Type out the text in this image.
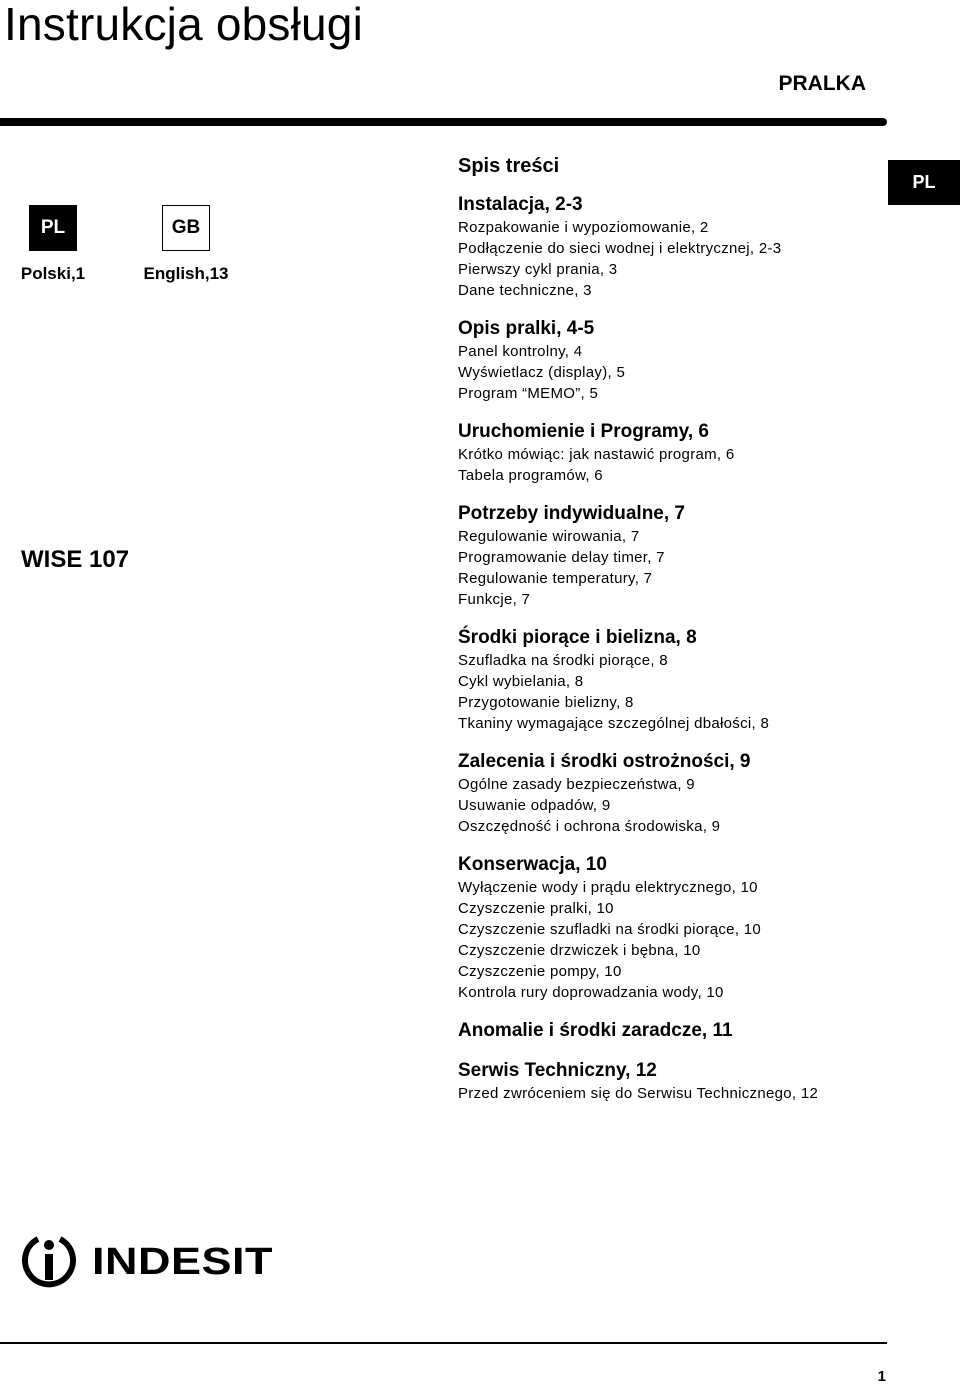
Instrukcja obsługi
PRALKA
PL
PL
Polski,1
GB
English,13
WISE 107
Spis treści
Instalacja, 2-3
Rozpakowanie i wypoziomowanie, 2
Podłączenie do sieci wodnej i elektrycznej, 2-3
Pierwszy cykl prania, 3
Dane techniczne, 3
Opis pralki, 4-5
Panel kontrolny, 4
Wyświetlacz (display), 5
Program “MEMO”, 5
Uruchomienie i Programy, 6
Krótko mówiąc: jak nastawić program, 6
Tabela programów, 6
Potrzeby indywidualne, 7
Regulowanie wirowania, 7
Programowanie delay timer, 7
Regulowanie temperatury, 7
Funkcje, 7
Środki piorące i bielizna, 8
Szufladka na środki piorące, 8
Cykl wybielania, 8
Przygotowanie bielizny, 8
Tkaniny wymagające szczególnej dbałości, 8
Zalecenia i środki ostrożności, 9
Ogólne zasady bezpieczeństwa, 9
Usuwanie odpadów, 9
Oszczędność i ochrona środowiska, 9
Konserwacja, 10
Wyłączenie wody i prądu elektrycznego, 10
Czyszczenie pralki, 10
Czyszczenie szufladki na środki piorące, 10
Czyszczenie drzwiczek i bębna, 10
Czyszczenie pompy, 10
Kontrola rury doprowadzania wody, 10
Anomalie i środki zaradcze, 11
Serwis Techniczny, 12
Przed zwróceniem się do Serwisu Technicznego, 12
INDESIT
1
